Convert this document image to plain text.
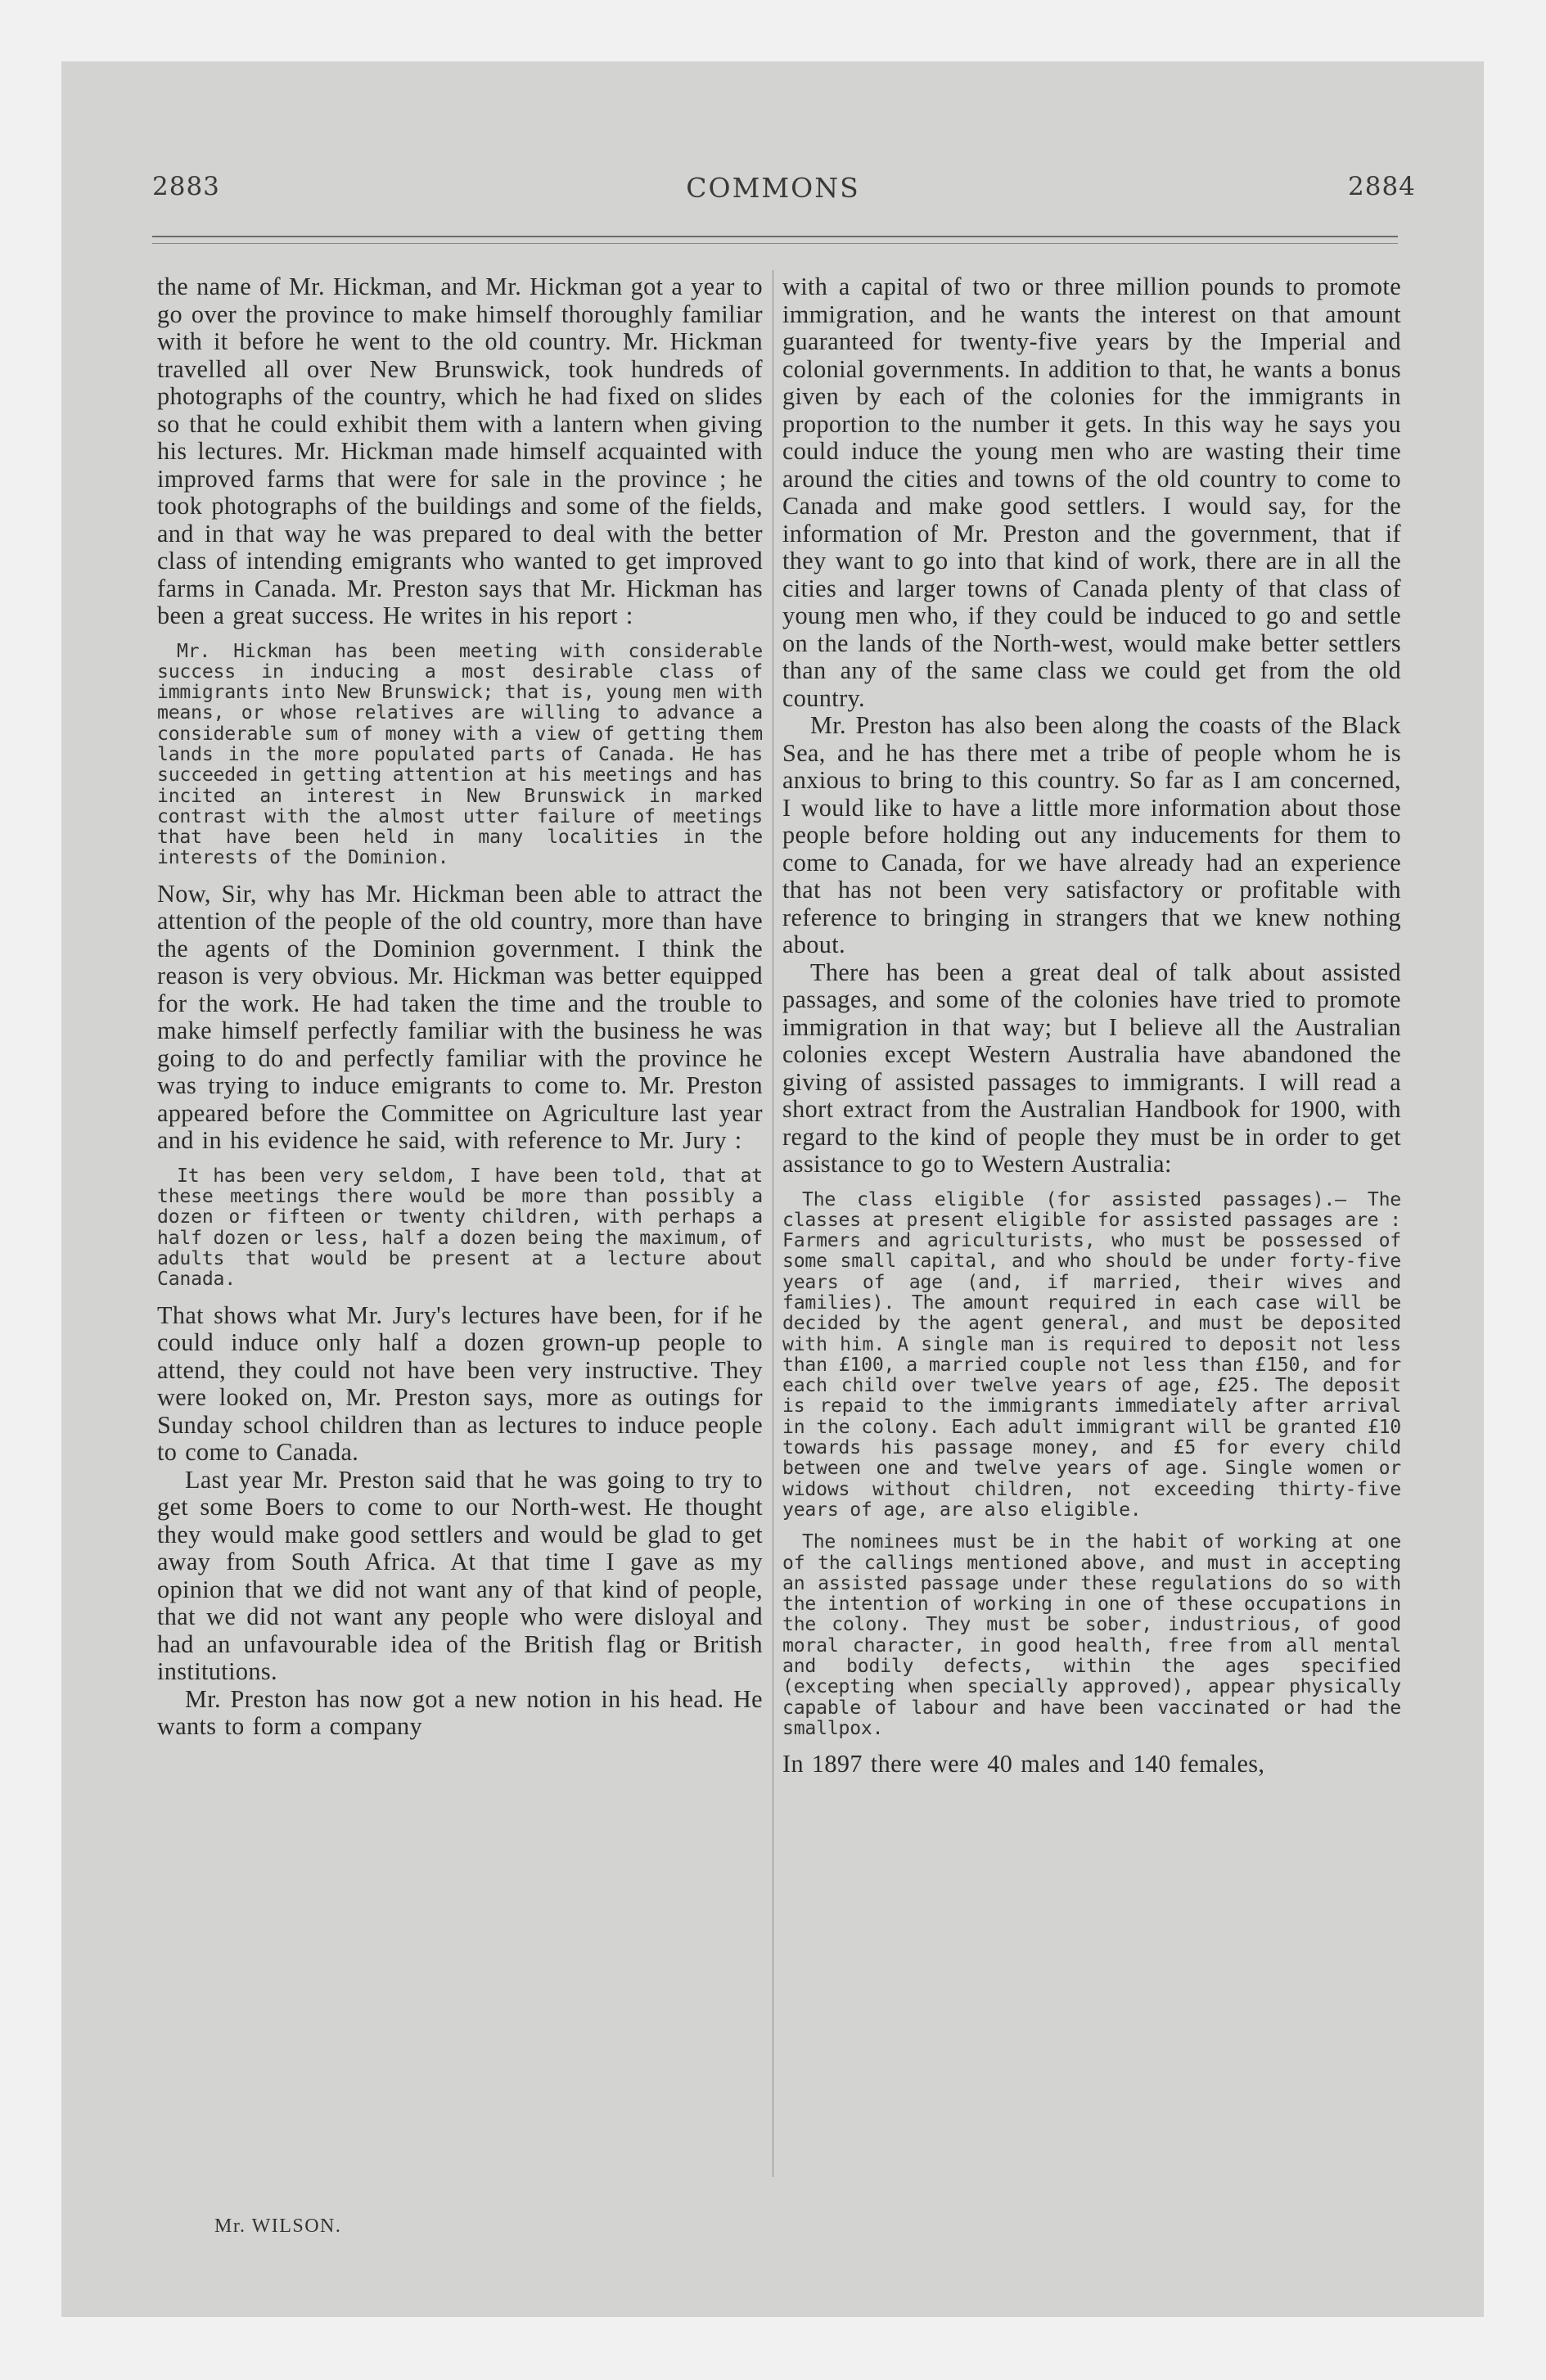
2883	COMMONS	2884

the name of Mr. Hickman, and Mr. Hickman got a year to go over the province to make himself thoroughly familiar with it before he went to the old country. Mr. Hickman travelled all over New Brunswick, took hundreds of photographs of the country, which he had fixed on slides so that he could exhibit them with a lantern when giving his lectures. Mr. Hickman made himself acquainted with improved farms that were for sale in the province ; he took photographs of the buildings and some of the fields, and in that way he was prepared to deal with the better class of intending emigrants who wanted to get improved farms in Canada. Mr. Preston says that Mr. Hickman has been a great success. He writes in his report :

Mr. Hickman has been meeting with considerable success in inducing a most desirable class of immigrants into New Brunswick; that is, young men with means, or whose relatives are willing to advance a considerable sum of money with a view of getting them lands in the more populated parts of Canada. He has succeeded in getting attention at his meetings and has incited an interest in New Brunswick in marked contrast with the almost utter failure of meetings that have been held in many localities in the interests of the Dominion.

Now, Sir, why has Mr. Hickman been able to attract the attention of the people of the old country, more than have the agents of the Dominion government. I think the reason is very obvious. Mr. Hickman was better equipped for the work. He had taken the time and the trouble to make himself perfectly familiar with the business he was going to do and perfectly familiar with the province he was trying to induce emigrants to come to. Mr. Preston appeared before the Committee on Agriculture last year and in his evidence he said, with reference to Mr. Jury :

It has been very seldom, I have been told, that at these meetings there would be more than possibly a dozen or fifteen or twenty children, with perhaps a half dozen or less, half a dozen being the maximum, of adults that would be present at a lecture about Canada.

That shows what Mr. Jury's lectures have been, for if he could induce only half a dozen grown-up people to attend, they could not have been very instructive. They were looked on, Mr. Preston says, more as outings for Sunday school children than as lectures to induce people to come to Canada.

Last year Mr. Preston said that he was going to try to get some Boers to come to our North-west. He thought they would make good settlers and would be glad to get away from South Africa. At that time I gave as my opinion that we did not want any of that kind of people, that we did not want any people who were disloyal and had an unfavourable idea of the British flag or British institutions.

Mr. Preston has now got a new notion in his head. He wants to form a company

with a capital of two or three million pounds to promote immigration, and he wants the interest on that amount guaranteed for twenty-five years by the Imperial and colonial governments. In addition to that, he wants a bonus given by each of the colonies for the immigrants in proportion to the number it gets. In this way he says you could induce the young men who are wasting their time around the cities and towns of the old country to come to Canada and make good settlers. I would say, for the information of Mr. Preston and the government, that if they want to go into that kind of work, there are in all the cities and larger towns of Canada plenty of that class of young men who, if they could be induced to go and settle on the lands of the North-west, would make better settlers than any of the same class we could get from the old country.

Mr. Preston has also been along the coasts of the Black Sea, and he has there met a tribe of people whom he is anxious to bring to this country. So far as I am concerned, I would like to have a little more information about those people before holding out any inducements for them to come to Canada, for we have already had an experience that has not been very satisfactory or profitable with reference to bringing in strangers that we knew nothing about.

There has been a great deal of talk about assisted passages, and some of the colonies have tried to promote immigration in that way; but I believe all the Australian colonies except Western Australia have abandoned the giving of assisted passages to immigrants. I will read a short extract from the Australian Handbook for 1900, with regard to the kind of people they must be in order to get assistance to go to Western Australia:

The class eligible (for assisted passages).— The classes at present eligible for assisted passages are : Farmers and agriculturists, who must be possessed of some small capital, and who should be under forty-five years of age (and, if married, their wives and families). The amount required in each case will be decided by the agent general, and must be deposited with him. A single man is required to deposit not less than £100, a married couple not less than £150, and for each child over twelve years of age, £25. The deposit is repaid to the immigrants immediately after arrival in the colony. Each adult immigrant will be granted £10 towards his passage money, and £5 for every child between one and twelve years of age. Single women or widows without children, not exceeding thirty-five years of age, are also eligible.

The nominees must be in the habit of working at one of the callings mentioned above, and must in accepting an assisted passage under these regulations do so with the intention of working in one of these occupations in the colony. They must be sober, industrious, of good moral character, in good health, free from all mental and bodily defects, within the ages specified (excepting when specially approved), appear physically capable of labour and have been vaccinated or had the smallpox.

In 1897 there were 40 males and 140 females,

Mr. WILSON.
